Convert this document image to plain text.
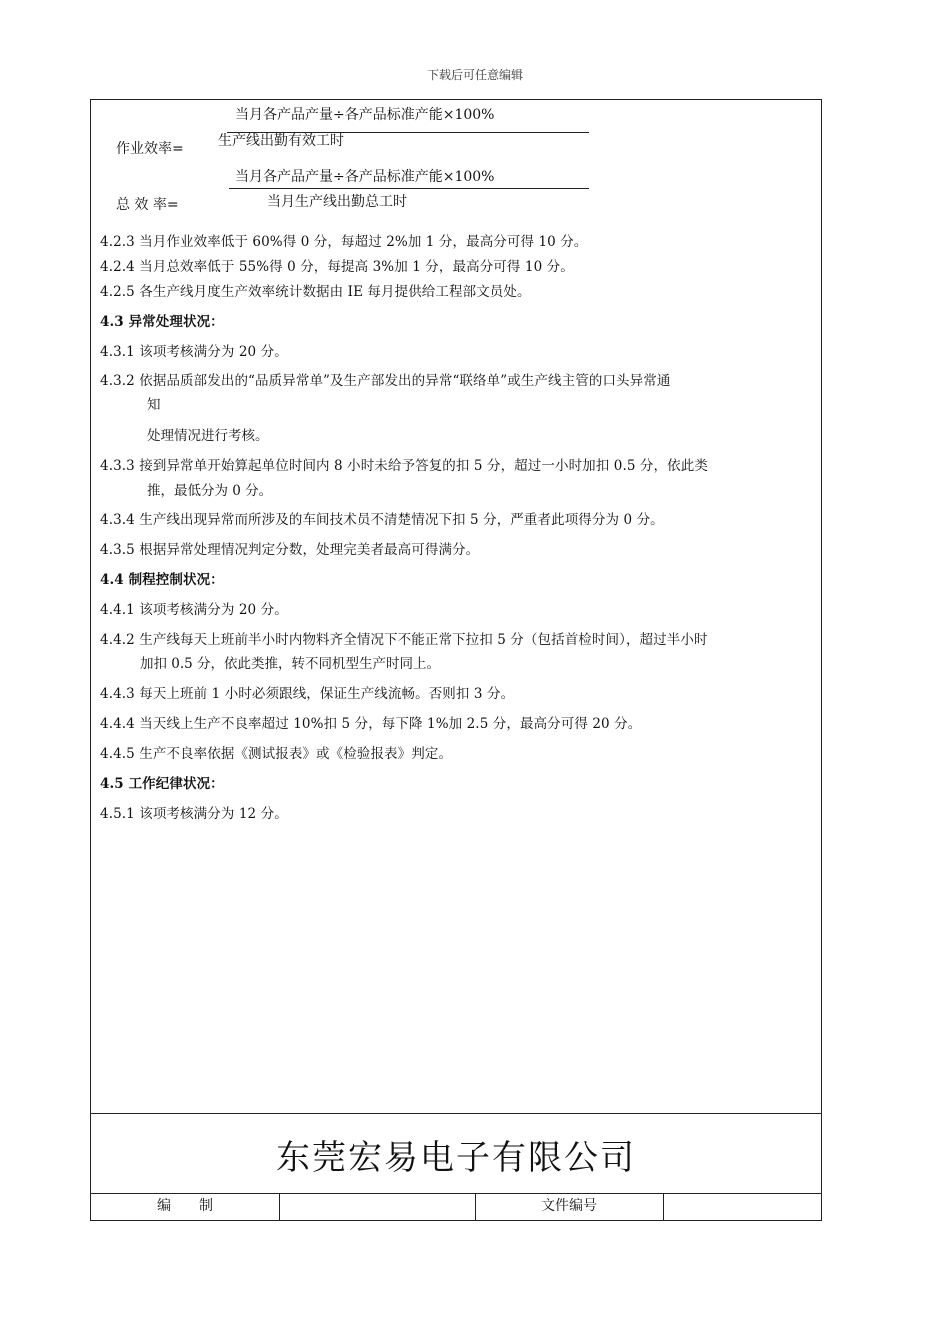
下载后可任意编辑
当月各产品产量÷各产品标准产能×100%
作业效率= 生产线出勤有效工时
当月各产品产量÷各产品标准产能×100%
总 效 率=	当月生产线出勤总工时
4.2.3 当月作业效率低于 60%得 0 分，每超过 2%加 1 分，最高分可得 10 分。
4.2.4 当月总效率低于 55%得 0 分，每提高 3%加 1 分，最高分可得 10 分。
4.2.5 各生产线月度生产效率统计数据由 IE 每月提供给工程部文员处。
4.3 异常处理状况：
4.3.1 该项考核满分为 20 分。
4.3.2 依据品质部发出的“品质异常单”及生产部发出的异常“联络单”或生产线主管的口头异常通
知
处理情况进行考核。
4.3.3 接到异常单开始算起单位时间内 8 小时未给予答复的扣 5 分，超过一小时加扣 0.5 分，依此类
推，最低分为 0 分。
4.3.4 生产线出现异常而所涉及的车间技术员不清楚情况下扣 5 分，严重者此项得分为 0 分。
4.3.5 根据异常处理情况判定分数，处理完美者最高可得满分。
4.4 制程控制状况：
4.4.1 该项考核满分为 20 分。
4.4.2 生产线每天上班前半小时内物料齐全情况下不能正常下拉扣 5 分（包括首检时间），超过半小时
加扣 0.5 分，依此类推，转不同机型生产时同上。
4.4.3 每天上班前 1 小时必须跟线，保证生产线流畅。否则扣 3 分。
4.4.4 当天线上生产不良率超过 10%扣 5 分，每下降 1%加 2.5 分，最高分可得 20 分。
4.4.5 生产不良率依据《测试报表》或《检验报表》判定。
4.5 工作纪律状况：
4.5.1 该项考核满分为 12 分。
东莞宏易电子有限公司
编　　制	文件编号
